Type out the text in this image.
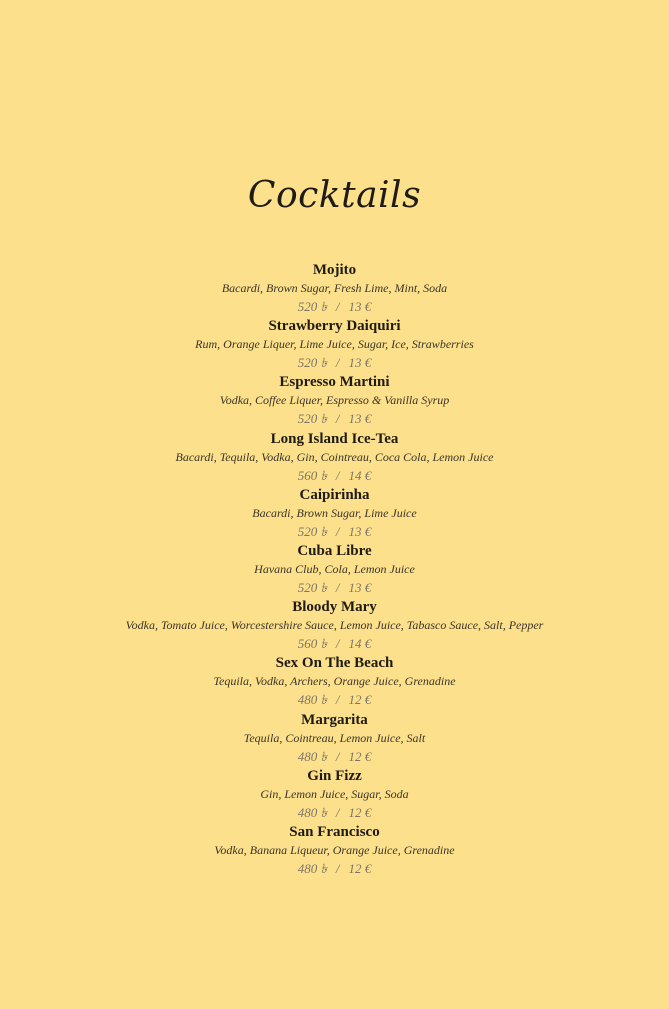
Cocktails
Mojito
Bacardi, Brown Sugar, Fresh Lime, Mint, Soda
520 ৳ / 13 €
Strawberry Daiquiri
Rum, Orange Liquer, Lime Juice, Sugar, Ice, Strawberries
520 ৳ / 13 €
Espresso Martini
Vodka, Coffee Liquer, Espresso & Vanilla Syrup
520 ৳ / 13 €
Long Island Ice-Tea
Bacardi, Tequila, Vodka, Gin, Cointreau, Coca Cola, Lemon Juice
560 ৳ / 14 €
Caipirinha
Bacardi, Brown Sugar, Lime Juice
520 ৳ / 13 €
Cuba Libre
Havana Club, Cola, Lemon Juice
520 ৳ / 13 €
Bloody Mary
Vodka, Tomato Juice, Worcestershire Sauce, Lemon Juice, Tabasco Sauce, Salt, Pepper
560 ৳ / 14 €
Sex On The Beach
Tequila, Vodka, Archers, Orange Juice, Grenadine
480 ৳ / 12 €
Margarita
Tequila, Cointreau, Lemon Juice, Salt
480 ৳ / 12 €
Gin Fizz
Gin, Lemon Juice, Sugar, Soda
480 ৳ / 12 €
San Francisco
Vodka, Banana Liqueur, Orange Juice, Grenadine
480 ৳ / 12 €
